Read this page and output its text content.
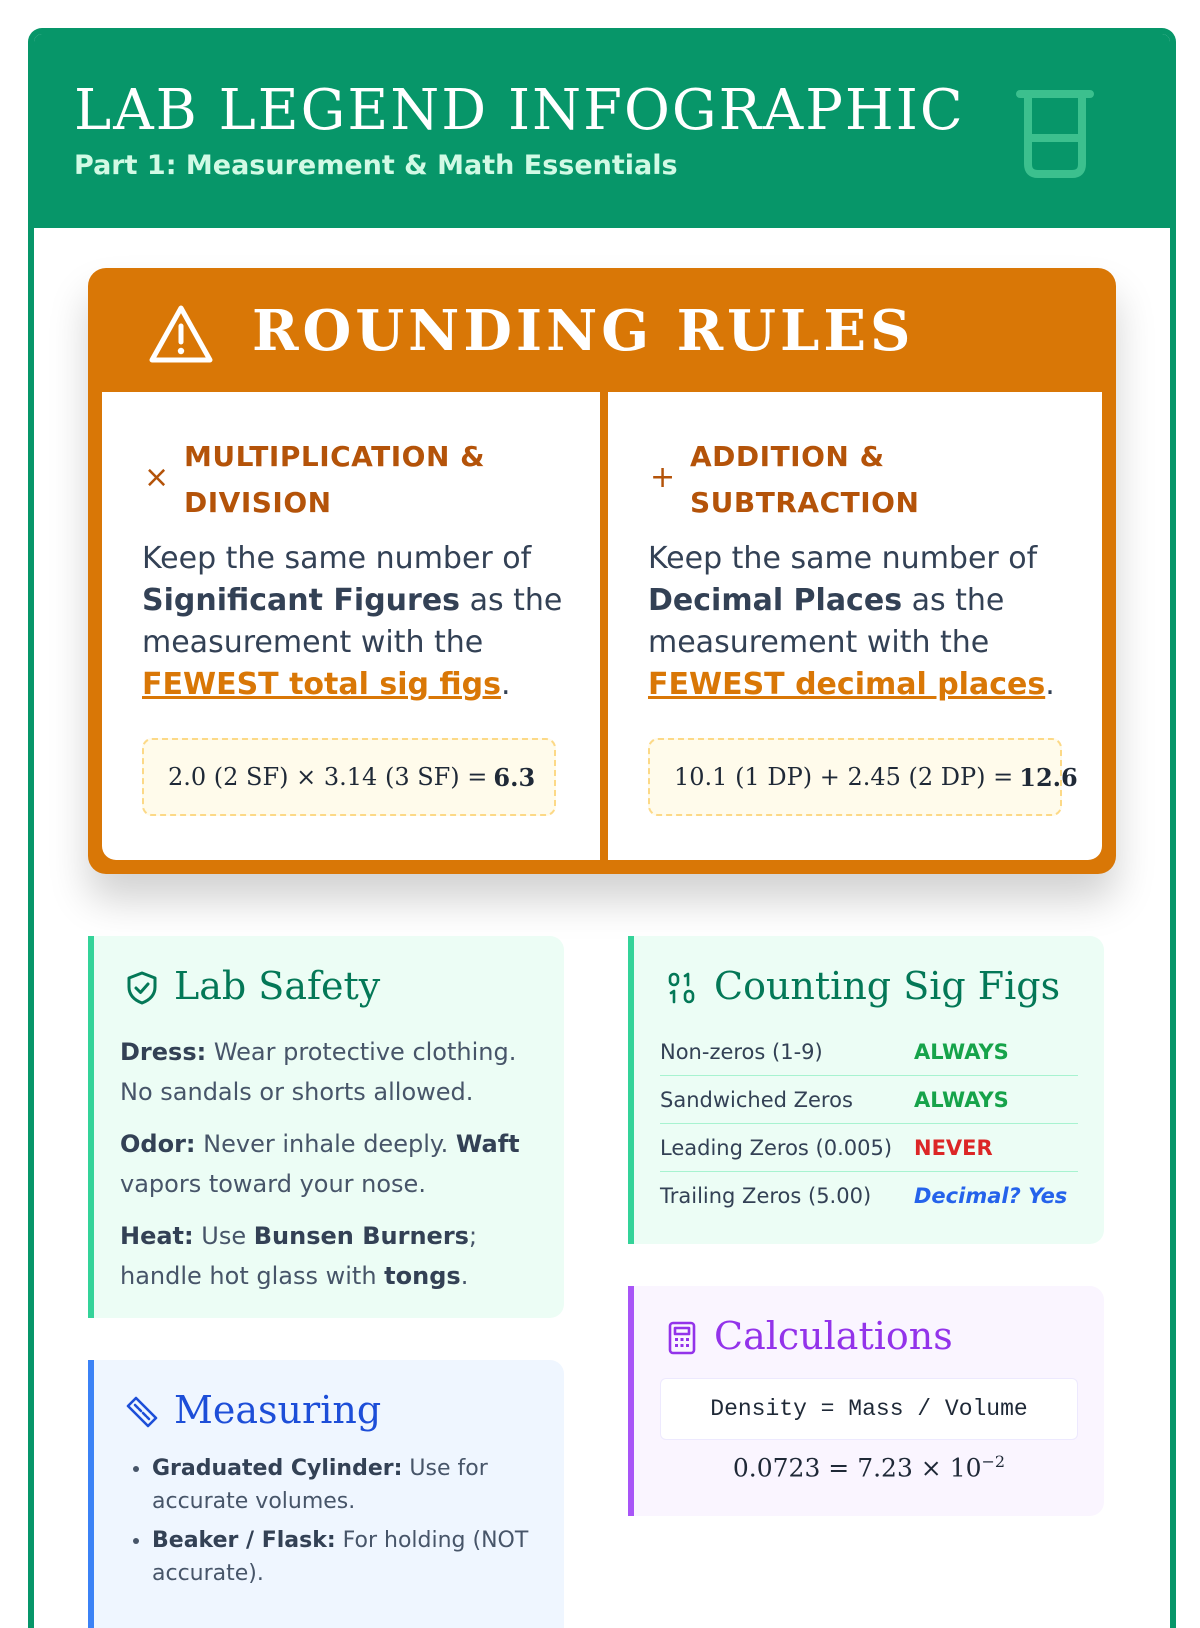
LAB LEGEND INFOGRAPHIC
Part 1: Measurement & Math Essentials
ROUNDING RULES
×
MULTIPLICATION & DIVISION
Keep the same number of Significant Figures as the measurement with the FEWEST total sig figs.
2.0 (2 SF) × 3.14 (3 SF) = 6.3
+
ADDITION & SUBTRACTION
Keep the same number of Decimal Places as the measurement with the FEWEST decimal places.
10.1 (1 DP) + 2.45 (2 DP) = 12.6
Lab Safety

Dress: Wear protective clothing. No sandals or shorts allowed.

Odor: Never inhale deeply. Waft vapors toward your nose.

Heat: Use Bunsen Burners; handle hot glass with tongs.

Counting Sig Figs
Non-zeros (1-9)	ALWAYS
Sandwiched Zeros	ALWAYS
Leading Zeros (0.005)	NEVER
Trailing Zeros (5.00)	Decimal? Yes
Calculations
Density = Mass / Volume
$0.0723 = 7.23 \times 10^{-2}$
Measuring
• Graduated Cylinder: Use for accurate volumes.
• Beaker / Flask: For holding (NOT accurate).
